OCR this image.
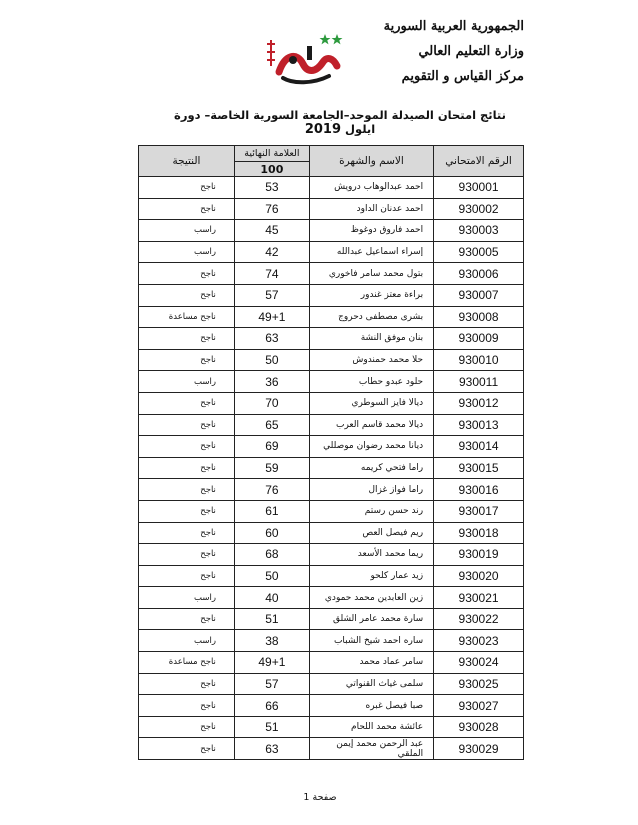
الجمهورية العربية السورية
وزارة التعليم العالي
مركز القياس و التقويم
نتائج امتحان الصيدلة الموحد–الجامعة السورية الخاصة– دورة ايلول 2019
الرقم الامتحاني	الاسم والشهرة	العلامة النهائية	النتيجة
		100	
930001	احمد عبدالوهاب درويش	53	ناجح
930002	احمد عدنان الداود	76	ناجح
930003	احمد فاروق دوغوظ	45	راسب
930005	إسراء اسماعيل عبدالله	42	راسب
930006	بتول محمد سامر فاخوري	74	ناجح
930007	براءة معتز غندور	57	ناجح
930008	بشرى مصطفى دحروج	49+1	ناجح مساعدة
930009	بنان موفق النشة	63	ناجح
930010	حلا محمد حمندوش	50	ناجح
930011	حلود عبدو حطاب	36	راسب
930012	ديالا فايز السوطري	70	ناجح
930013	ديالا محمد قاسم العرب	65	ناجح
930014	ديانا محمد رضوان موصللي	69	ناجح
930015	راما فتحي كريمه	59	ناجح
930016	راما فواز غزال	76	ناجح
930017	رند حسن رستم	61	ناجح
930018	ريم فيصل العص	60	ناجح
930019	ريما محمد الأسعد	68	ناجح
930020	زيد عمار كلحو	50	ناجح
930021	زين العابدين محمد حمودي	40	راسب
930022	سارة محمد عامر الشلق	51	ناجح
930023	ساره احمد شيخ الشباب	38	راسب
930024	سامر عماد محمد	49+1	ناجح مساعدة
930025	سلمى غياث القنواتي	57	ناجح
930027	صبا فيصل غبره	66	ناجح
930028	عائشة محمد اللحام	51	ناجح
930029	عبد الرحمن محمد إيمن الملقي	63	ناجح
صفحة 1
